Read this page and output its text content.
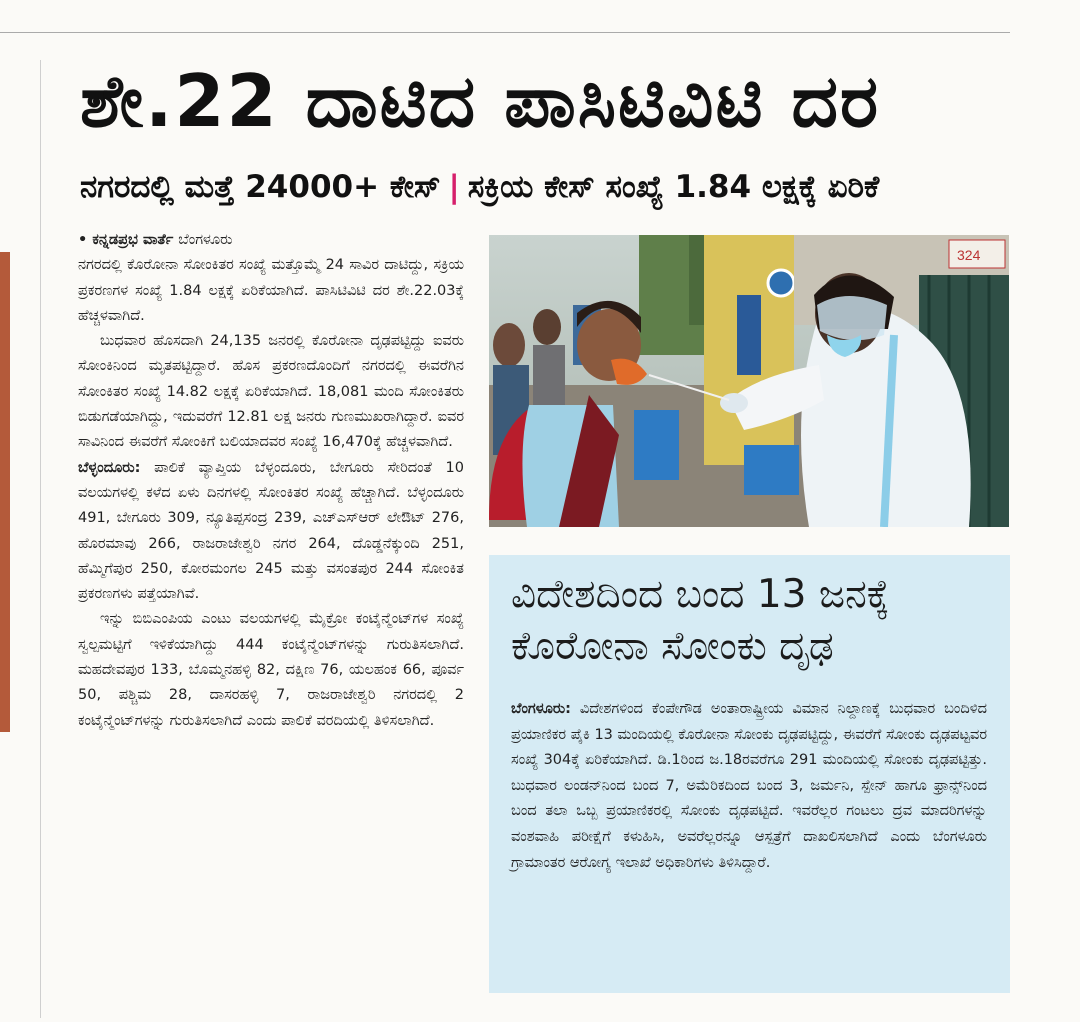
ಶೇ.22 ದಾಟಿದ ಪಾಸಿಟಿವಿಟಿ ದರ
ನಗರದಲ್ಲಿ ಮತ್ತೆ 24000+ ಕೇಸ್ | ಸಕ್ರಿಯ ಕೇಸ್ ಸಂಖ್ಯೆ 1.84 ಲಕ್ಷಕ್ಕೆ ಏರಿಕೆ

• ಕನ್ನಡಪ್ರಭ ವಾರ್ತೆ ಬೆಂಗಳೂರು

ನಗರದಲ್ಲಿ ಕೊರೋನಾ ಸೋಂಕಿತರ ಸಂಖ್ಯೆ ಮತ್ತೊಮ್ಮೆ 24 ಸಾವಿರ ದಾಟಿದ್ದು, ಸಕ್ರಿಯ ಪ್ರಕರಣಗಳ ಸಂಖ್ಯೆ 1.84 ಲಕ್ಷಕ್ಕೆ ಏರಿಕೆಯಾಗಿದೆ. ಪಾಸಿಟಿವಿಟಿ ದರ ಶೇ.22.03ಕ್ಕೆ ಹೆಚ್ಚಳವಾಗಿದೆ.

ಬುಧವಾರ ಹೊಸದಾಗಿ 24,135 ಜನರಲ್ಲಿ ಕೊರೋನಾ ದೃಢಪಟ್ಟಿದ್ದು ಐವರು ಸೋಂಕಿನಿಂದ ಮೃತಪಟ್ಟಿದ್ದಾರೆ. ಹೊಸ ಪ್ರಕರಣದೊಂದಿಗೆ ನಗರದಲ್ಲಿ ಈವರೆಗಿನ ಸೋಂಕಿತರ ಸಂಖ್ಯೆ 14.82 ಲಕ್ಷಕ್ಕೆ ಏರಿಕೆಯಾಗಿದೆ. 18,081 ಮಂದಿ ಸೋಂಕಿತರು ಬಿಡುಗಡೆಯಾಗಿದ್ದು, ಇದುವರೆಗೆ 12.81 ಲಕ್ಷ ಜನರು ಗುಣಮುಖರಾಗಿದ್ದಾರೆ. ಐವರ ಸಾವಿನಿಂದ ಈವರೆಗೆ ಸೋಂಕಿಗೆ ಬಲಿಯಾದವರ ಸಂಖ್ಯೆ 16,470ಕ್ಕೆ ಹೆಚ್ಚಳವಾಗಿದೆ.

ಬೆಳ್ಳಂದೂರು: ಪಾಲಿಕೆ ವ್ಯಾಪ್ತಿಯ ಬೆಳ್ಳಂದೂರು, ಬೇಗೂರು ಸೇರಿದಂತೆ 10 ವಲಯಗಳಲ್ಲಿ ಕಳೆದ ಏಳು ದಿನಗಳಲ್ಲಿ ಸೋಂಕಿತರ ಸಂಖ್ಯೆ ಹೆಚ್ಚಾಗಿದೆ. ಬೆಳ್ಳಂದೂರು 491, ಬೇಗೂರು 309, ನ್ಯೂತಿಪ್ಪಸಂದ್ರ 239, ಎಚ್‌ಎಸ್ಆರ್ ಲೇಔಟ್ 276, ಹೊರಮಾವು 266, ರಾಜರಾಜೇಶ್ವರಿ ನಗರ 264, ದೊಡ್ಡನೆಕ್ಕುಂದಿ 251, ಹೆಮ್ಮಿಗೆಪುರ 250, ಕೋರಮಂಗಲ 245 ಮತ್ತು ವಸಂತಪುರ 244 ಸೋಂಕಿತ ಪ್ರಕರಣಗಳು ಪತ್ತೆಯಾಗಿವೆ.

ಇನ್ನು ಬಿಬಿಎಂಪಿಯ ಎಂಟು ವಲಯಗಳಲ್ಲಿ ಮೈಕ್ರೋ ಕಂಟೈನ್ಮೆಂಟ್‌ಗಳ ಸಂಖ್ಯೆ ಸ್ವಲ್ಪಮಟ್ಟಿಗೆ ಇಳಿಕೆಯಾಗಿದ್ದು 444 ಕಂಟೈನ್ಮೆಂಟ್‌ಗಳನ್ನು ಗುರುತಿಸಲಾಗಿದೆ. ಮಹದೇವಪುರ 133, ಬೊಮ್ಮನಹಳ್ಳಿ 82, ದಕ್ಷಿಣ 76, ಯಲಹಂಕ 66, ಪೂರ್ವ 50, ಪಶ್ಚಿಮ 28, ದಾಸರಹಳ್ಳಿ 7, ರಾಜರಾಜೇಶ್ವರಿ ನಗರದಲ್ಲಿ 2 ಕಂಟೈನ್ಮೆಂಟ್‌ಗಳನ್ನು ಗುರುತಿಸಲಾಗಿದೆ ಎಂದು ಪಾಲಿಕೆ ವರದಿಯಲ್ಲಿ ತಿಳಿಸಲಾಗಿದೆ.

324
ವಿದೇಶದಿಂದ ಬಂದ 13 ಜನಕ್ಕೆ
ಕೊರೋನಾ ಸೋಂಕು ದೃಢ
ಬೆಂಗಳೂರು: ವಿದೇಶಗಳಿಂದ ಕೆಂಪೇಗೌಡ ಅಂತಾರಾಷ್ಟ್ರೀಯ ವಿಮಾನ ನಿಲ್ದಾಣಕ್ಕೆ ಬುಧವಾರ ಬಂದಿಳಿದ ಪ್ರಯಾಣಿಕರ ಪೈಕಿ 13 ಮಂದಿಯಲ್ಲಿ ಕೊರೋನಾ ಸೋಂಕು ದೃಢಪಟ್ಟಿದ್ದು, ಈವರೆಗೆ ಸೋಂಕು ದೃಢಪಟ್ಟವರ ಸಂಖ್ಯೆ 304ಕ್ಕೆ ಏರಿಕೆಯಾಗಿದೆ. ಡಿ.1ರಿಂದ ಜ.18ರವರೆಗೂ 291 ಮಂದಿಯಲ್ಲಿ ಸೋಂಕು ದೃಢಪಟ್ಟಿತ್ತು. ಬುಧವಾರ ಲಂಡನ್‌ನಿಂದ ಬಂದ 7, ಅಮೆರಿಕದಿಂದ ಬಂದ 3, ಜರ್ಮನಿ, ಸ್ಪೇನ್ ಹಾಗೂ ಫ್ರಾನ್ಸ್‌ನಿಂದ ಬಂದ ತಲಾ ಒಬ್ಬ ಪ್ರಯಾಣಿಕರಲ್ಲಿ ಸೋಂಕು ದೃಢಪಟ್ಟಿದೆ. ಇವರೆಲ್ಲರ ಗಂಟಲು ದ್ರವ ಮಾದರಿಗಳನ್ನು ವಂಶವಾಹಿ ಪರೀಕ್ಷೆಗೆ ಕಳುಹಿಸಿ, ಅವರೆಲ್ಲರನ್ನೂ ಆಸ್ಪತ್ರೆಗೆ ದಾಖಲಿಸಲಾಗಿದೆ ಎಂದು ಬೆಂಗಳೂರು ಗ್ರಾಮಾಂತರ ಆರೋಗ್ಯ ಇಲಾಖೆ ಅಧಿಕಾರಿಗಳು ತಿಳಿಸಿದ್ದಾರೆ.
